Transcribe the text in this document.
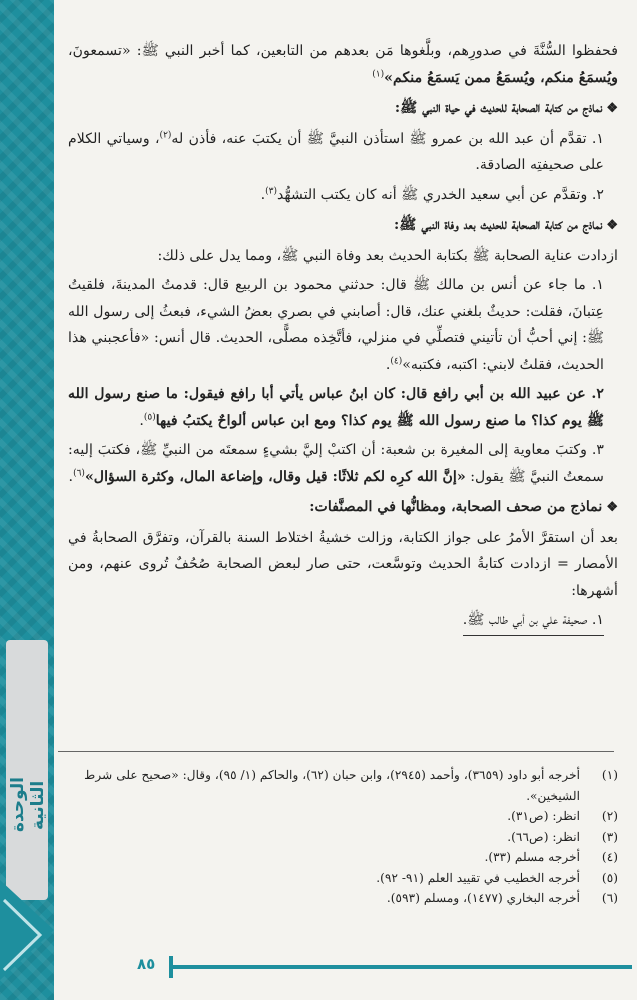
الوحدة الثانية

فحفظوا السُّنَّةَ في صدورِهم، وبلَّغوها مَن بعدهم من التابعين، كما أخبر النبي ﷺ: «تسمعونَ، ويُسمَعُ منكم، ويُسمَعُ ممن يَسمَعُ منكم»$^{(١)}$

❖نماذج من كتابة الصحابة للحديث في حياة النبي ﷺ:

١. تقدَّم أن عبد الله بن عمرو ﷺ استأذن النبيَّ ﷺ أن يكتبَ عنه، فأذن له$^{(٢)}$، وسياتي الكلام على صحيفتِه الصادقة.

٢. وتقدَّم عن أبي سعيد الخدري ﷺ أنه كان يكتب التشهُّد$^{(٣)}$.

❖نماذج من كتابة الصحابة للحديث بعد وفاة النبي ﷺ:

ازدادت عناية الصحابة ﷺ بكتابة الحديث بعد وفاة النبي ﷺ، ومما يدل على ذلك:

١. ما جاء عن أنس بن مالك ﷺ قال: حدثني محمود بن الربيع قال: قدمتُ المدينةَ، فلقيتُ عِتبانَ، فقلت: حديثٌ بلغني عنك، قال: أصابني في بصري بعضُ الشيء، فبعثُ إلى رسول الله ﷺ: إني أحبُّ أن تأتيني فتصلِّي في منزلي، فأتَّخِذه مصلًّى، الحديث. قال أنس: «فأعجبني هذا الحديث، فقلتُ لابني: اكتبه، فكتبه»$^{(٤)}$.

٢. عن عبيد الله بن أبي رافع قال: كان ابنُ عباس يأتي أبا رافع فيقول: ما صنع رسول الله ﷺ يوم كذا؟ ما صنع رسول الله ﷺ يوم كذا؟ ومع ابن عباس ألواحٌ يكتبُ فيها$^{(٥)}$.

٣. وكتبَ معاوية إلى المغيرة بن شعبة: أن اكتبْ إليَّ بشيءٍ سمعتَه من النبيِّ ﷺ، فكتبَ إليه: سمعتُ النبيَّ ﷺ يقول: «إنَّ الله كرِه لكم ثلاثًا: قيل وقال، وإضاعة المال، وكثرة السؤال»$^{(٦)}$.

❖نماذج من صحف الصحابة، ومظانُّها في المصنَّفات:

بعد أن استقرَّ الأمرُ على جواز الكتابة، وزالت خشيةُ اختلاط السنة بالقرآن، وتفرَّق الصحابةُ في الأمصار = ازدادت كتابةُ الحديث وتوسَّعت، حتى صار لبعض الصحابة صُحُفٌ تُروى عنهم، ومن أشهرها:

١. صحيفة علي بن أبي طالب ﷺ.

(١)
أخرجه أبو داود (٣٦٥٩)، وأحمد (٢٩٤٥)، وابن حبان (٦٢)، والحاكم (١/ ٩٥)، وقال: «صحيح على شرط الشيخين».
(٢)
انظر: (ص٣١).
(٣)
انظر: (ص٦٦).
(٤)
أخرجه مسلم (٣٣).
(٥)
أخرجه الخطيب في تقييد العلم (٩١- ٩٢).
(٦)
أخرجه البخاري (١٤٧٧)، ومسلم (٥٩٣).
٨٥
